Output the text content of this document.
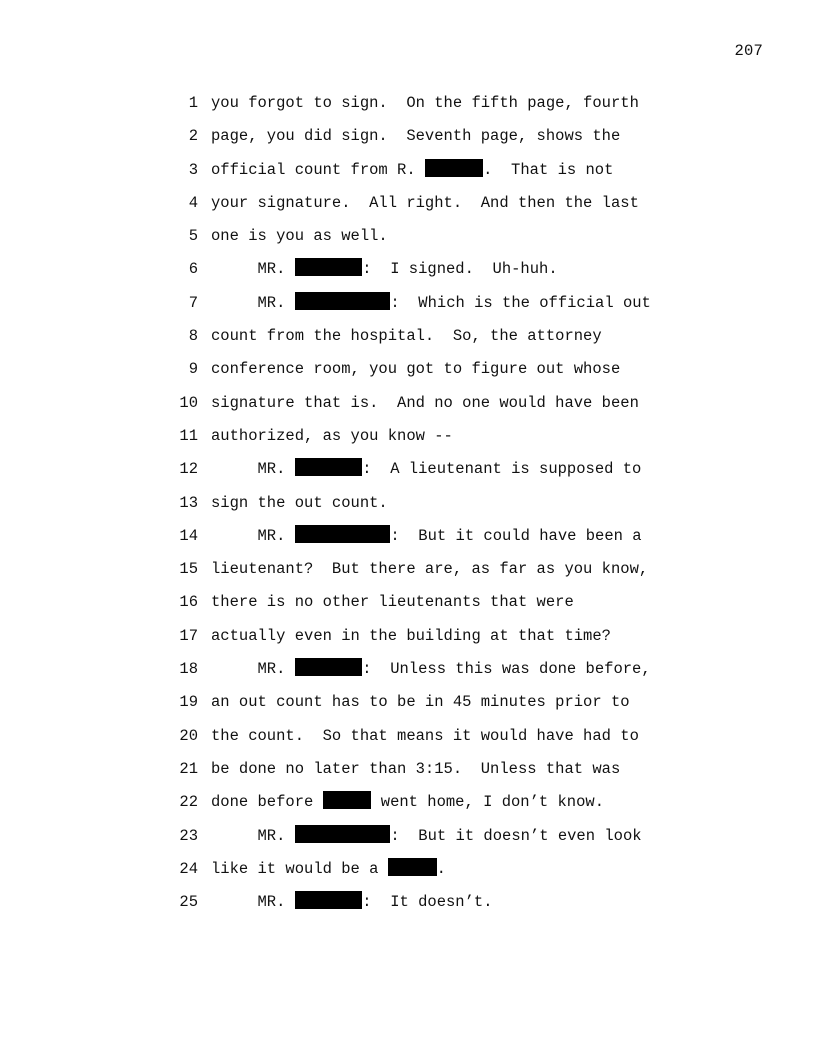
207
1 you forgot to sign.  On the fifth page, fourth
2 page, you did sign.  Seventh page, shows the
3 official count from R.	.  That is not
4 your signature.  All right.  And then the last
5 one is you as well.
6     MR.	:  I signed.  Uh-huh.
7     MR.	:  Which is the official out
8 count from the hospital.  So, the attorney
9 conference room, you got to figure out whose
10 signature that is.  And no one would have been
11 authorized, as you know --
12     MR.	:  A lieutenant is supposed to
13 sign the out count.
14     MR.	:  But it could have been a
15 lieutenant?  But there are, as far as you know,
16 there is no other lieutenants that were
17 actually even in the building at that time?
18     MR.	:  Unless this was done before,
19 an out count has to be in 45 minutes prior to
20 the count.  So that means it would have had to
21 be done no later than 3:15.  Unless that was
22 done before	went home, I don’t know.
23     MR.	:  But it doesn’t even look
24 like it would be a	.
25     MR.	:  It doesn’t.
